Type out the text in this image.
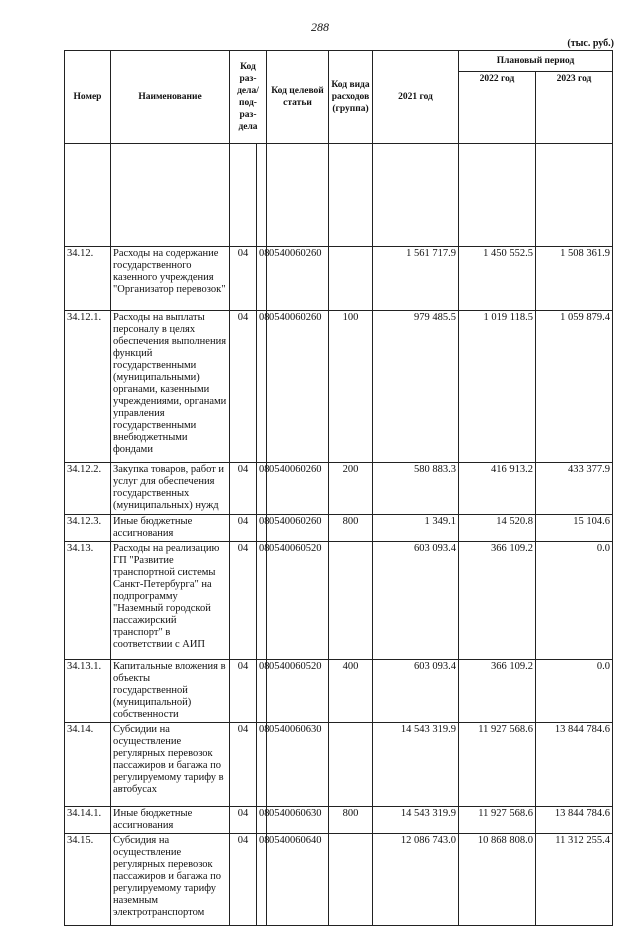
288
(тыс. руб.)
Номер	Наименование	Код раз-дела/под-раз-дела		Код целевой статьи	Код вида расходов (группа)	2021 год	Плановый период	
							2022 год	2023 год

34.12.	Расходы на содержание государственного казенного учреждения "Организатор перевозок"	04	08	0540060260		1 561 717.9	1 450 552.5	1 508 361.9
34.12.1.	Расходы на выплаты персоналу в целях обеспечения выполнения функций государственными (муниципальными) органами, казенными учреждениями, органами управления государственными внебюджетными фондами	04	08	0540060260	100	979 485.5	1 019 118.5	1 059 879.4
34.12.2.	Закупка товаров, работ и услуг для обеспечения государственных (муниципальных) нужд	04	08	0540060260	200	580 883.3	416 913.2	433 377.9
34.12.3.	Иные бюджетные ассигнования	04	08	0540060260	800	1 349.1	14 520.8	15 104.6
34.13.	Расходы на реализацию ГП "Развитие транспортной системы Санкт-Петербурга" на подпрограмму "Наземный городской пассажирский транспорт" в соответствии с АИП	04	08	0540060520		603 093.4	366 109.2	0.0
34.13.1.	Капитальные вложения в объекты государственной (муниципальной) собственности	04	08	0540060520	400	603 093.4	366 109.2	0.0
34.14.	Субсидии на осуществление регулярных перевозок пассажиров и багажа по регулируемому тарифу в автобусах	04	08	0540060630		14 543 319.9	11 927 568.6	13 844 784.6
34.14.1.	Иные бюджетные ассигнования	04	08	0540060630	800	14 543 319.9	11 927 568.6	13 844 784.6
34.15.	Субсидия на осуществление регулярных перевозок пассажиров и багажа по регулируемому тарифу наземным электротранспортом	04	08	0540060640		12 086 743.0	10 868 808.0	11 312 255.4
